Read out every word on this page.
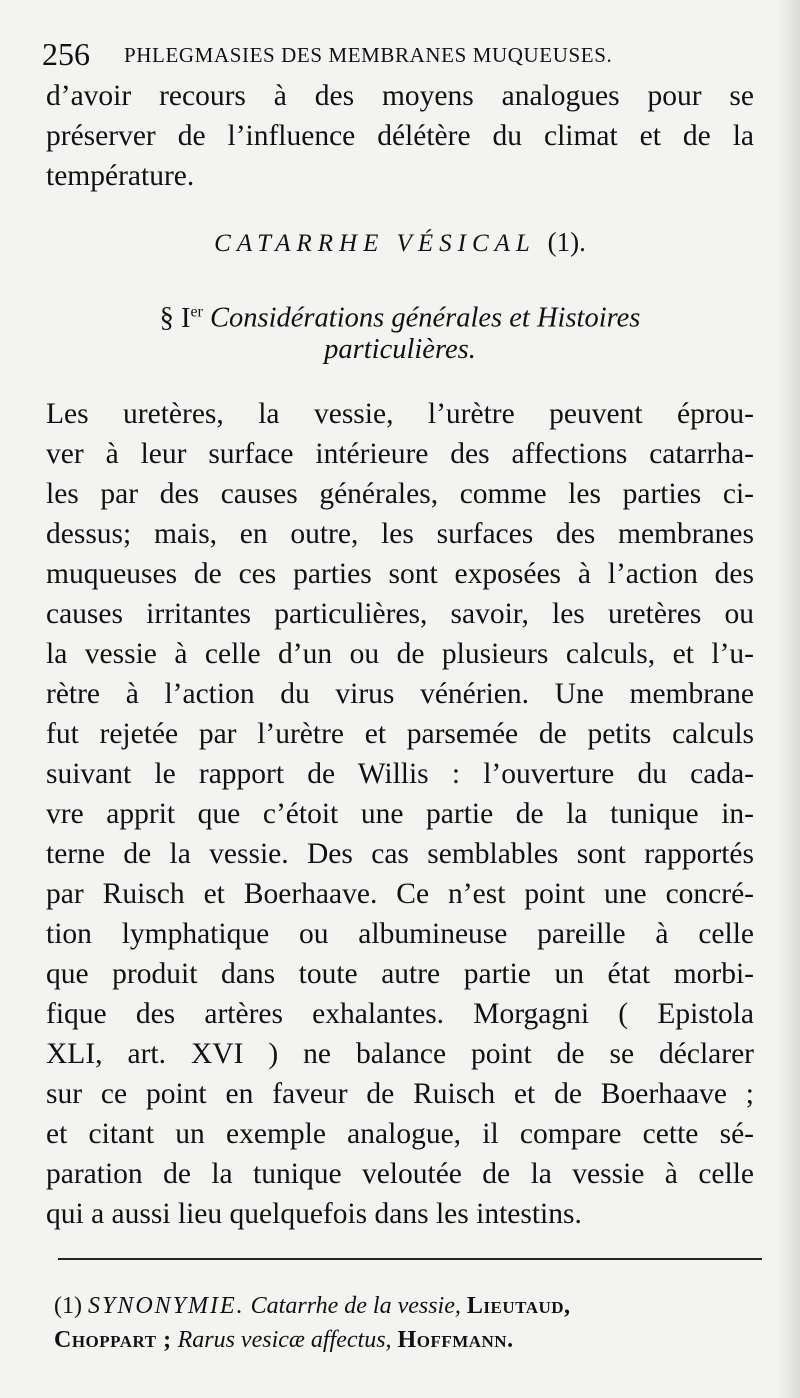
256 PHLEGMASIES DES MEMBRANES MUQUEUSES.
d’avoir recours à des moyens analogues pour se
préserver de l’influence délétère du climat et de la
température.
CATARRHE VÉSICAL (1).
§ Ier Considérations générales et Histoires
particulières.
Les uretères, la vessie, l’urètre peuvent éprou-
ver à leur surface intérieure des affections catarrha-
les par des causes générales, comme les parties ci-
dessus; mais, en outre, les surfaces des membranes
muqueuses de ces parties sont exposées à l’action des
causes irritantes particulières, savoir, les uretères ou
la vessie à celle d’un ou de plusieurs calculs, et l’u-
rètre à l’action du virus vénérien. Une membrane
fut rejetée par l’urètre et parsemée de petits calculs
suivant le rapport de Willis : l’ouverture du cada-
vre apprit que c’étoit une partie de la tunique in-
terne de la vessie. Des cas semblables sont rapportés
par Ruisch et Boerhaave. Ce n’est point une concré-
tion lymphatique ou albumineuse pareille à celle
que produit dans toute autre partie un état morbi-
fique des artères exhalantes. Morgagni ( Epistola
XLI, art. XVI ) ne balance point de se déclarer
sur ce point en faveur de Ruisch et de Boerhaave ;
et citant un exemple analogue, il compare cette sé-
paration de la tunique veloutée de la vessie à celle
qui a aussi lieu quelquefois dans les intestins.
(1) SYNONYMIE. Catarrhe de la vessie, Lieutaud,
Choppart ; Rarus vesicæ affectus, Hoffmann.
